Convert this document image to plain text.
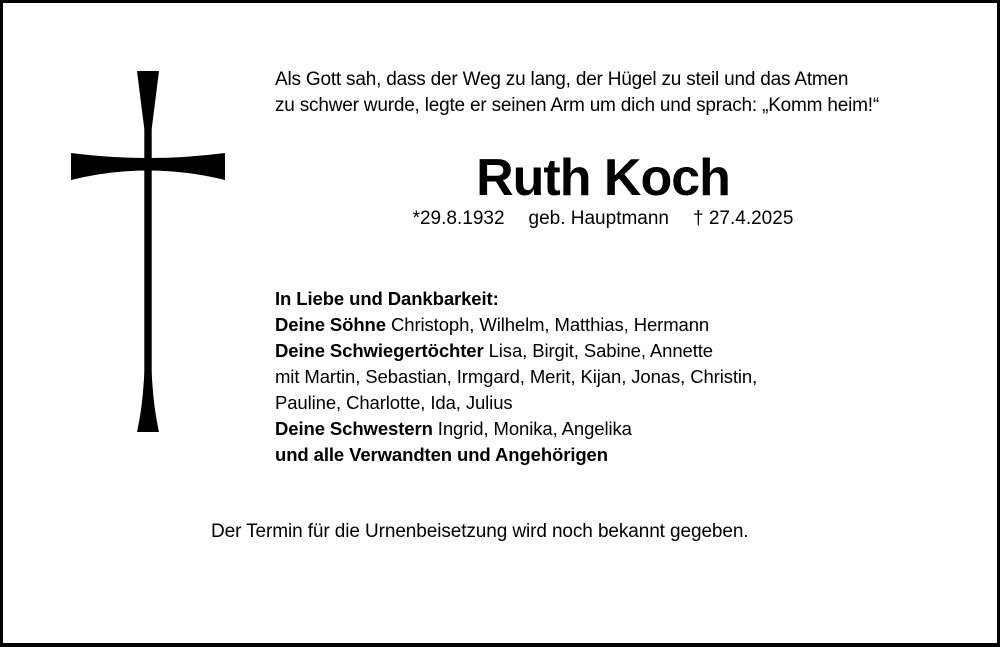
Als Gott sah, dass der Weg zu lang, der Hügel zu steil und das Atmen
zu schwer wurde, legte er seinen Arm um dich und sprach: „Komm heim!“
Ruth Koch
*29.8.1932 geb. Hauptmann † 27.4.2025
In Liebe und Dankbarkeit:
Deine Söhne Christoph, Wilhelm, Matthias, Hermann
Deine Schwiegertöchter Lisa, Birgit, Sabine, Annette
mit Martin, Sebastian, Irmgard, Merit, Kijan, Jonas, Christin,
Pauline, Charlotte, Ida, Julius
Deine Schwestern Ingrid, Monika, Angelika
und alle Verwandten und Angehörigen
Der Termin für die Urnenbeisetzung wird noch bekannt gegeben.
